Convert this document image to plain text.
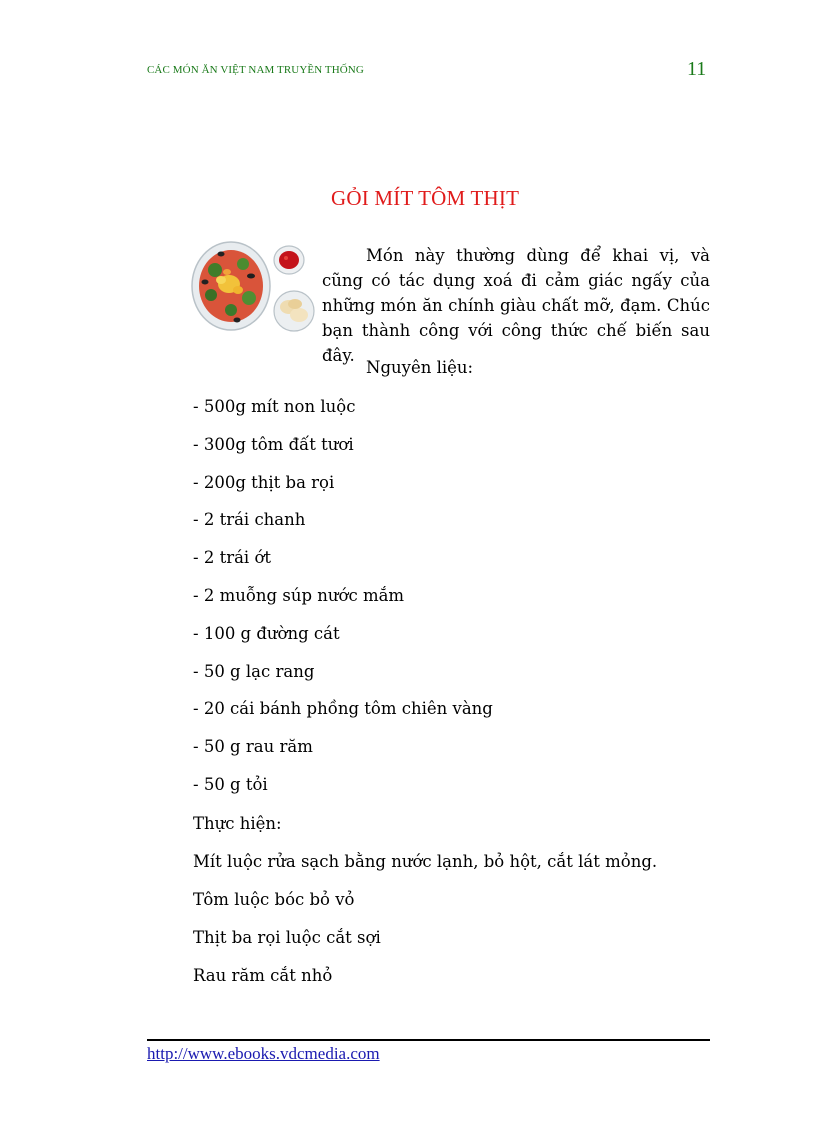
CÁC MÓN ĂN VIỆT NAM TRUYỀN THỐNG	11
GỎI MÍT TÔM THỊT

Món này thường dùng để khai vị, và cũng có tác dụng xoá đi cảm giác ngấy của những món ăn chính giàu chất mỡ, đạm. Chúc bạn thành công với công thức chế biến sau đây.

Nguyên liệu:
- 500g mít non luộc
- 300g tôm đất tươi
- 200g thịt ba rọi
- 2 trái chanh
- 2 trái ớt
- 2 muỗng súp nước mắm
- 100 g đường cát
- 50 g lạc rang
- 20 cái bánh phồng tôm chiên vàng
- 50 g rau răm
- 50 g tỏi
Thực hiện:
Mít luộc rửa sạch bằng nước lạnh, bỏ hột, cắt lát mỏng.
Tôm luộc bóc bỏ vỏ
Thịt ba rọi luộc cắt sợi
Rau răm cắt nhỏ
http://www.ebooks.vdcmedia.com
